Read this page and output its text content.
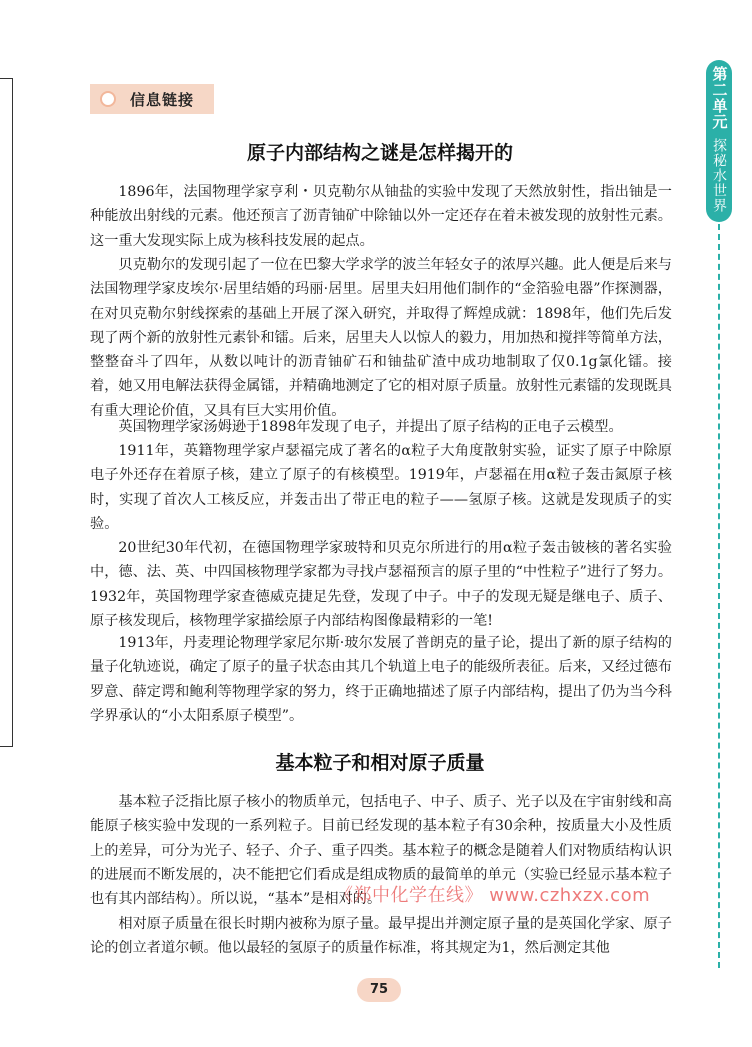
信息链接	第二单元
探秘水世界
原子内部结构之谜是怎样揭开的

1896年，法国物理学家亨利・贝克勒尔从铀盐的实验中发现了天然放射性，指出铀是一种能放出射线的元素。他还预言了沥青铀矿中除铀以外一定还存在着未被发现的放射性元素。这一重大发现实际上成为核科技发展的起点。

贝克勒尔的发现引起了一位在巴黎大学求学的波兰年轻女子的浓厚兴趣。此人便是后来与法国物理学家皮埃尔·居里结婚的玛丽·居里。居里夫妇用他们制作的“金箔验电器”作探测器，在对贝克勒尔射线探索的基础上开展了深入研究，并取得了辉煌成就：1898年，他们先后发现了两个新的放射性元素钋和镭。后来，居里夫人以惊人的毅力，用加热和搅拌等简单方法，整整奋斗了四年，从数以吨计的沥青铀矿石和铀盐矿渣中成功地制取了仅0.1g氯化镭。接着，她又用电解法获得金属镭，并精确地测定了它的相对原子质量。放射性元素镭的发现既具有重大理论价值，又具有巨大实用价值。

英国物理学家汤姆逊于1898年发现了电子，并提出了原子结构的正电子云模型。

1911年，英籍物理学家卢瑟福完成了著名的α粒子大角度散射实验，证实了原子中除原电子外还存在着原子核，建立了原子的有核模型。1919年，卢瑟福在用α粒子轰击氮原子核时，实现了首次人工核反应，并轰击出了带正电的粒子——氢原子核。这就是发现质子的实验。

20世纪30年代初，在德国物理学家玻特和贝克尔所进行的用α粒子轰击铍核的著名实验中，德、法、英、中四国核物理学家都为寻找卢瑟福预言的原子里的“中性粒子”进行了努力。1932年，英国物理学家查德威克捷足先登，发现了中子。中子的发现无疑是继电子、质子、原子核发现后，核物理学家描绘原子内部结构图像最精彩的一笔!

1913年，丹麦理论物理学家尼尔斯·玻尔发展了普朗克的量子论，提出了新的原子结构的量子化轨迹说，确定了原子的量子状态由其几个轨道上电子的能级所表征。后来，又经过德布罗意、薛定谔和鲍利等物理学家的努力，终于正确地描述了原子内部结构，提出了仍为当今科学界承认的“小太阳系原子模型”。

基本粒子和相对原子质量

基本粒子泛指比原子核小的物质单元，包括电子、中子、质子、光子以及在宇宙射线和高能原子核实验中发现的一系列粒子。目前已经发现的基本粒子有30余种，按质量大小及性质上的差异，可分为光子、轻子、介子、重子四类。基本粒子的概念是随着人们对物质结构认识的进展而不断发展的，决不能把它们看成是组成物质的最简单的单元（实验已经显示基本粒子也有其内部结构）。所以说，“基本”是相对的。

相对原子质量在很长时期内被称为原子量。最早提出并测定原子量的是英国化学家、原子论的创立者道尔顿。他以最轻的氢原子的质量作标准，将其规定为1，然后测定其他

《郑中化学在线》 www.czhxzx.com
75
